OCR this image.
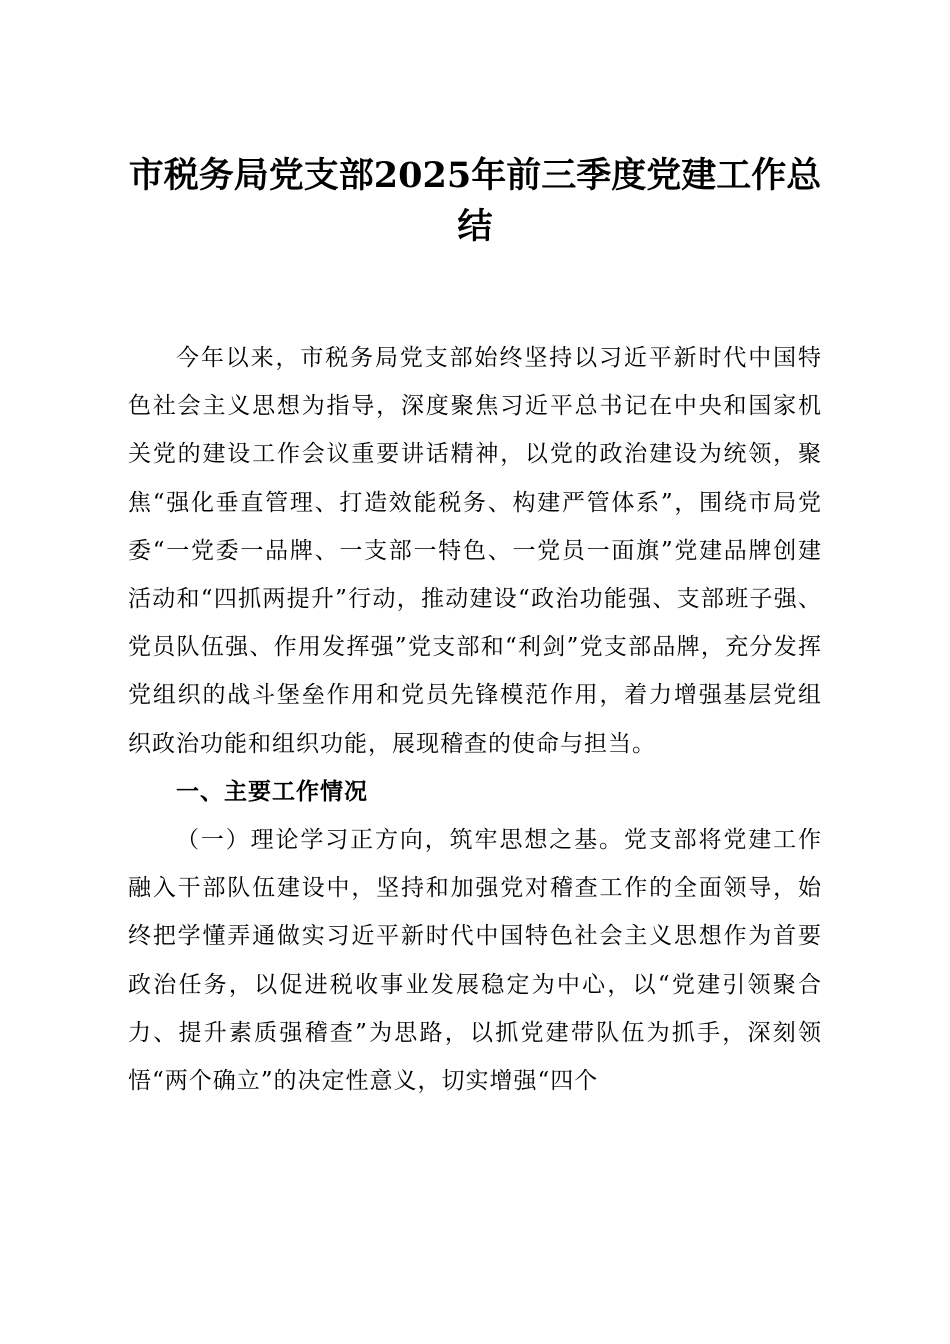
市税务局党支部2025年前三季度党建工作总结

今年以来，市税务局党支部始终坚持以习近平新时代中国特色社会主义思想为指导，深度聚焦习近平总书记在中央和国家机关党的建设工作会议重要讲话精神，以党的政治建设为统领，聚焦“强化垂直管理、打造效能税务、构建严管体系”，围绕市局党委“一党委一品牌、一支部一特色、一党员一面旗”党建品牌创建活动和“四抓两提升”行动，推动建设“政治功能强、支部班子强、党员队伍强、作用发挥强”党支部和“利剑”党支部品牌，充分发挥党组织的战斗堡垒作用和党员先锋模范作用，着力增强基层党组织政治功能和组织功能，展现稽查的使命与担当。

一、主要工作情况

（一）理论学习正方向，筑牢思想之基。党支部将党建工作融入干部队伍建设中，坚持和加强党对稽查工作的全面领导，始终把学懂弄通做实习近平新时代中国特色社会主义思想作为首要政治任务，以促进税收事业发展稳定为中心，以“党建引领聚合力、提升素质强稽查”为思路，以抓党建带队伍为抓手，深刻领悟“两个确立”的决定性意义，切实增强“四个
